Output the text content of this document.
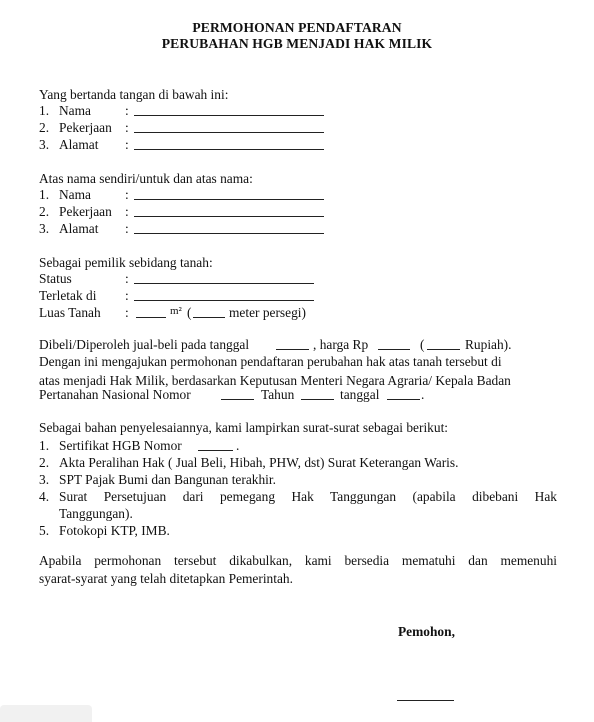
PERMOHONAN PENDAFTARAN
PERUBAHAN HGB MENJADI HAK MILIK
Yang bertanda tangan di bawah ini:
1. Nama	:
2. Pekerjaan :
3. Alamat :
Atas nama sendiri/untuk dan atas nama:
1. Nama	:
2. Pekerjaan :
3. Alamat :
Sebagai pemilik sebidang tanah:
Status	:
Terletak di :
Luas Tanah :	m² (	meter persegi)
Dibeli/Diperoleh jual-beli pada tanggal	, harga Rp	(	Rupiah).
Dengan ini mengajukan permohonan pendaftaran perubahan hak atas tanah tersebut di
atas menjadi Hak Milik, berdasarkan Keputusan Menteri Negara Agraria/ Kepala Badan
Pertanahan Nasional Nomor	Tahun	tanggal	.
Sebagai bahan penyelesaiannya, kami lampirkan surat-surat sebagai berikut:
1. Sertifikat HGB Nomor	.
2. Akta Peralihan Hak ( Jual Beli, Hibah, PHW, dst) Surat Keterangan Waris.
3. SPT Pajak Bumi dan Bangunan terakhir.
4. Surat Persetujuan dari pemegang Hak Tanggungan (apabila dibebani Hak
Tanggungan).
5. Fotokopi KTP, IMB.
Apabila permohonan tersebut dikabulkan, kami bersedia mematuhi dan memenuhi
syarat-syarat yang telah ditetapkan Pemerintah.
Pemohon,
